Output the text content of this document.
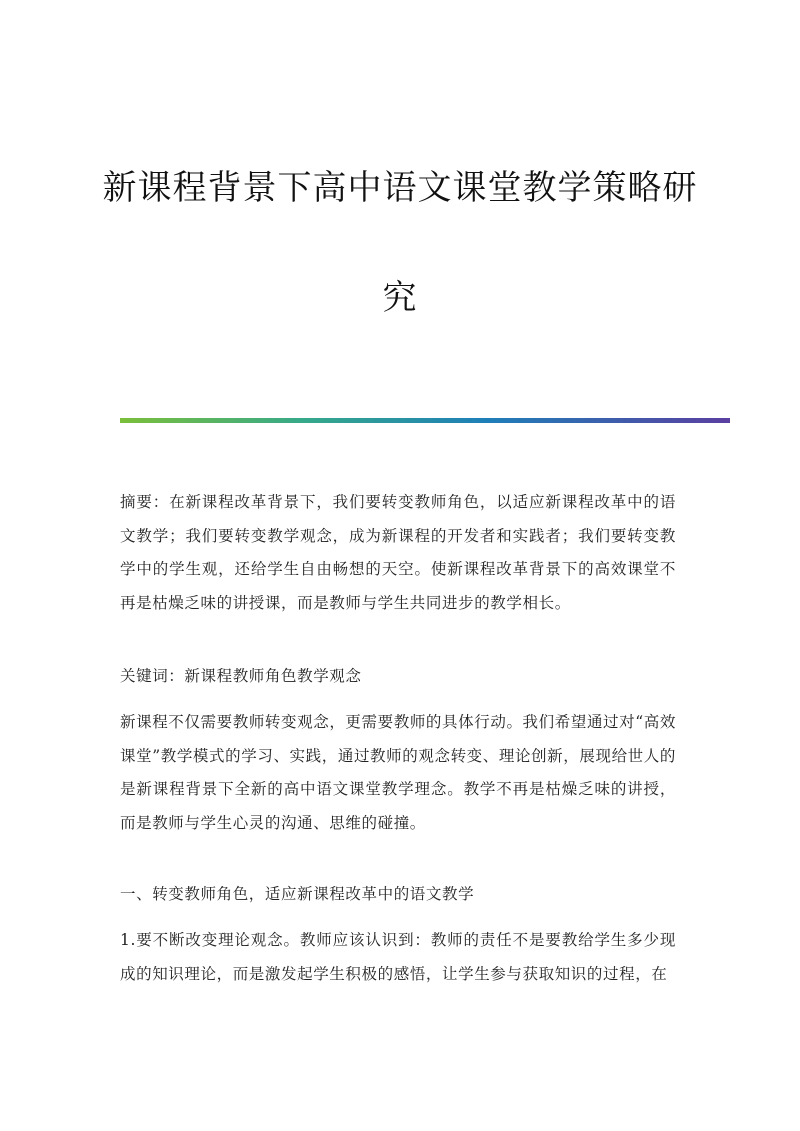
新课程背景下高中语文课堂教学策略研
究
摘要：在新课程改革背景下，我们要转变教师角色，以适应新课程改革中的语文教学；我们要转变教学观念，成为新课程的开发者和实践者；我们要转变教学中的学生观，还给学生自由畅想的天空。使新课程改革背景下的高效课堂不再是枯燥乏味的讲授课，而是教师与学生共同进步的教学相长。
关键词：新课程教师角色教学观念
新课程不仅需要教师转变观念，更需要教师的具体行动。我们希望通过对“高效课堂”教学模式的学习、实践，通过教师的观念转变、理论创新，展现给世人的是新课程背景下全新的高中语文课堂教学理念。教学不再是枯燥乏味的讲授，而是教师与学生心灵的沟通、思维的碰撞。
一、转变教师角色，适应新课程改革中的语文教学
1.要不断改变理论观念。教师应该认识到：教师的责任不是要教给学生多少现成的知识理论，而是激发起学生积极的感悟，让学生参与获取知识的过程，在
